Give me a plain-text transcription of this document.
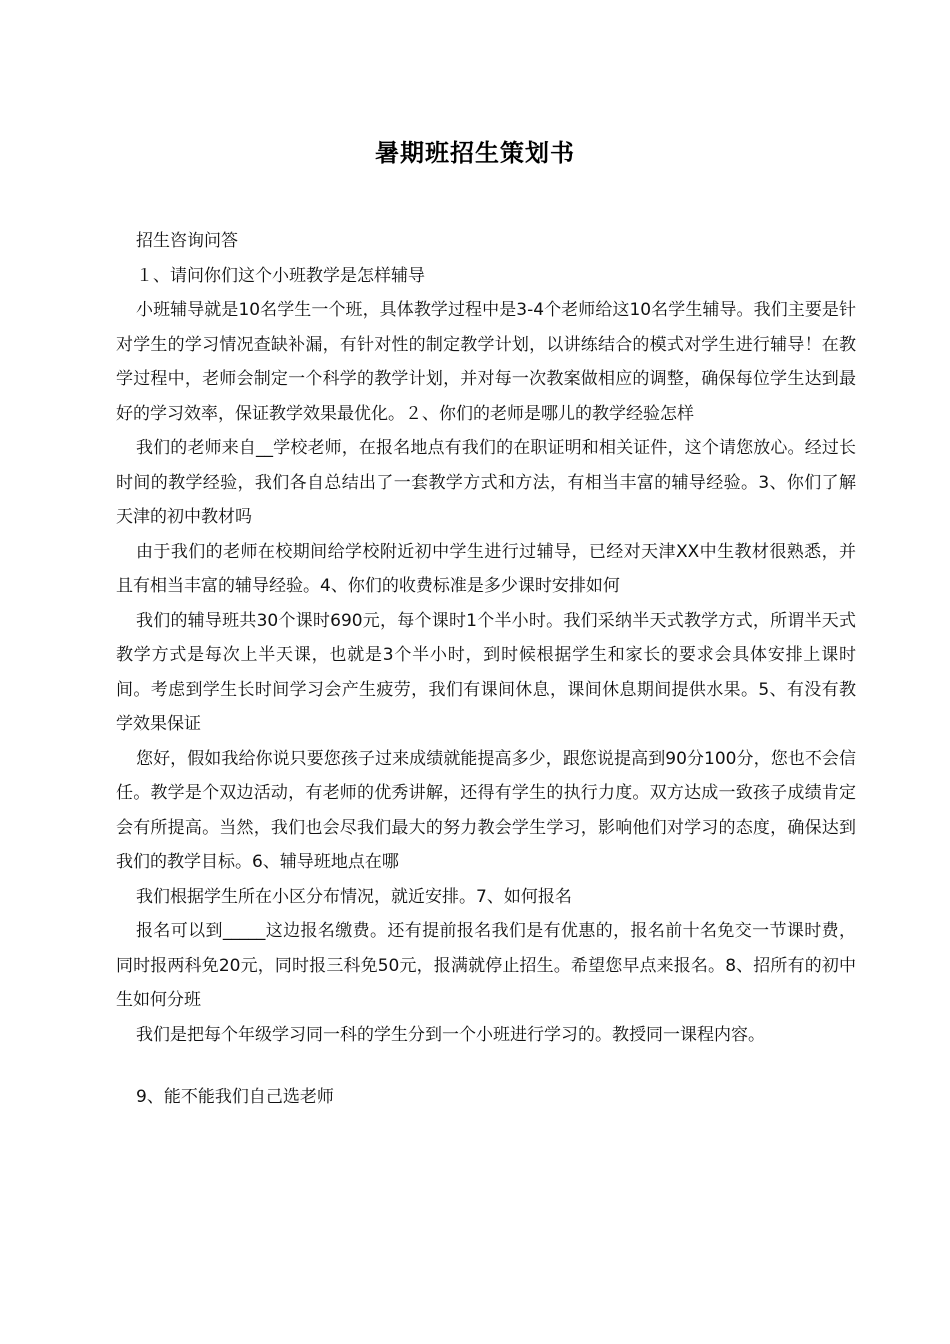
暑期班招生策划书

招生咨询问答

１、请问你们这个小班教学是怎样辅导

小班辅导就是10名学生一个班，具体教学过程中是3-4个老师给这10名学生辅导。我们主要是针对学生的学习情况查缺补漏，有针对性的制定教学计划，以讲练结合的模式对学生进行辅导！在教学过程中，老师会制定一个科学的教学计划，并对每一次教案做相应的调整，确保每位学生达到最好的学习效率，保证教学效果最优化。２、你们的老师是哪儿的教学经验怎样

我们的老师来自__学校老师，在报名地点有我们的在职证明和相关证件，这个请您放心。经过长时间的教学经验，我们各自总结出了一套教学方式和方法，有相当丰富的辅导经验。3、你们了解天津的初中教材吗

由于我们的老师在校期间给学校附近初中学生进行过辅导，已经对天津XX中生教材很熟悉，并且有相当丰富的辅导经验。4、你们的收费标准是多少课时安排如何

我们的辅导班共30个课时690元，每个课时1个半小时。我们采纳半天式教学方式，所谓半天式教学方式是每次上半天课，也就是3个半小时，到时候根据学生和家长的要求会具体安排上课时间。考虑到学生长时间学习会产生疲劳，我们有课间休息，课间休息期间提供水果。5、有没有教学效果保证

您好，假如我给你说只要您孩子过来成绩就能提高多少，跟您说提高到90分100分，您也不会信任。教学是个双边活动，有老师的优秀讲解，还得有学生的执行力度。双方达成一致孩子成绩肯定会有所提高。当然，我们也会尽我们最大的努力教会学生学习，影响他们对学习的态度，确保达到我们的教学目标。6、辅导班地点在哪

我们根据学生所在小区分布情况，就近安排。7、如何报名

报名可以到_____这边报名缴费。还有提前报名我们是有优惠的，报名前十名免交一节课时费，同时报两科免20元，同时报三科免50元，报满就停止招生。希望您早点来报名。8、招所有的初中生如何分班

我们是把每个年级学习同一科的学生分到一个小班进行学习的。教授同一课程内容。

9、能不能我们自己选老师
